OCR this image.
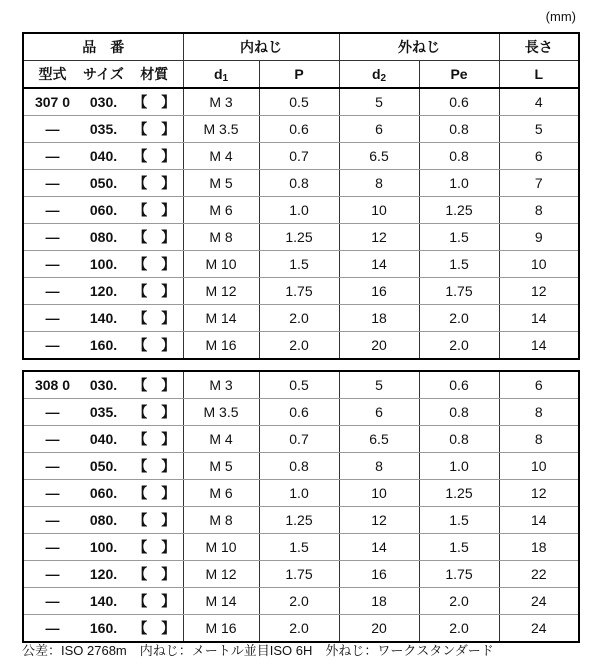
(mm)
品　番			内ねじ		外ねじ		長さ
型式	サイズ	材質	$d_1$	P	$d_2$	Pe	L
307 0	030.	【　】	M 3	0.5	5	0.6	4
—	035.	【　】	M 3.5	0.6	6	0.8	5
—	040.	【　】	M 4	0.7	6.5	0.8	6
—	050.	【　】	M 5	0.8	8	1.0	7
—	060.	【　】	M 6	1.0	10	1.25	8
—	080.	【　】	M 8	1.25	12	1.5	9
—	100.	【　】	M 10	1.5	14	1.5	10
—	120.	【　】	M 12	1.75	16	1.75	12
—	140.	【　】	M 14	2.0	18	2.0	14
—	160.	【　】	M 16	2.0	20	2.0	14
308 0	030.	【　】	M 3	0.5	5	0.6	6
—	035.	【　】	M 3.5	0.6	6	0.8	8
—	040.	【　】	M 4	0.7	6.5	0.8	8
—	050.	【　】	M 5	0.8	8	1.0	10
—	060.	【　】	M 6	1.0	10	1.25	12
—	080.	【　】	M 8	1.25	12	1.5	14
—	100.	【　】	M 10	1.5	14	1.5	18
—	120.	【　】	M 12	1.75	16	1.75	22
—	140.	【　】	M 14	2.0	18	2.0	24
—	160.	【　】	M 16	2.0	20	2.0	24
公差：ISO 2768m　内ねじ：メートル並目ISO 6H　外ねじ：ワークスタンダード
